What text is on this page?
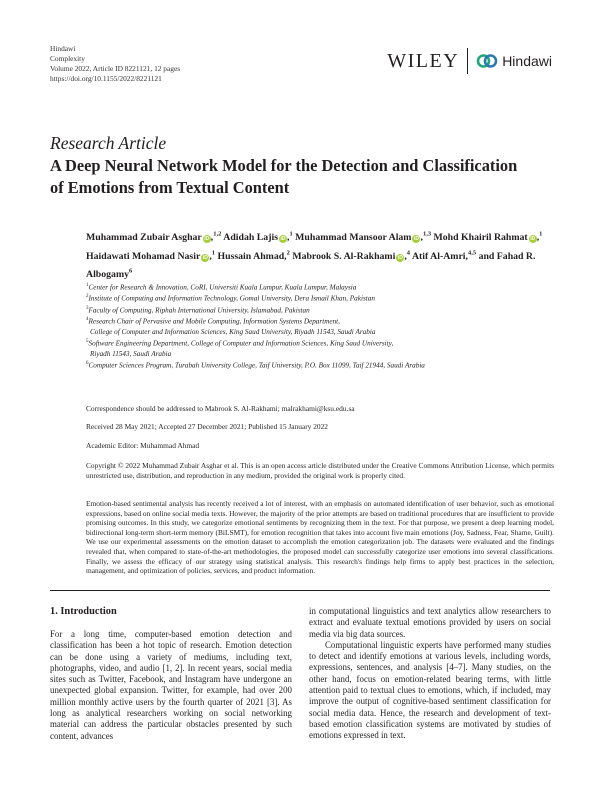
Hindawi
Complexity
Volume 2022, Article ID 8221121, 12 pages
https://doi.org/10.1155/2022/8221121
WILEY	Hindawi
Research Article
A Deep Neural Network Model for the Detection and Classification of Emotions from Textual Content
Muhammad Zubair Asghar iD ,$^{1,2}$ Adidah Lajis iD ,$^1$ Muhammad Mansoor Alam iD ,$^{1,3}$ Mohd Khairil Rahmat iD ,$^1$ Haidawati Mohamad Nasir iD ,$^1$ Hussain Ahmad,$^2$ Mabrook S. Al-Rakhami iD ,$^4$ Atif Al-Amri,$^{4,5}$ and Fahad R. Albogamy$^6$
$^1$Center for Research & Innovation, CoRI, Universiti Kuala Lumpur, Kuala Lumpur, Malaysia
$^2$Institute of Computing and Information Technology, Gomal University, Dera Ismail Khan, Pakistan
$^3$Faculty of Computing, Riphah International University, Islamabad, Pakistan
$^4$Research Chair of Pervasive and Mobile Computing, Information Systems Department,
College of Computer and Information Sciences, King Saud University, Riyadh 11543, Saudi Arabia
$^5$Software Engineering Department, College of Computer and Information Sciences, King Saud University,
Riyadh 11543, Saudi Arabia
$^6$Computer Sciences Program, Turabah University College, Taif University, P.O. Box 11099, Taif 21944, Saudi Arabia
Correspondence should be addressed to Mabrook S. Al-Rakhami; malrakhami@ksu.edu.sa
Received 28 May 2021; Accepted 27 December 2021; Published 15 January 2022
Academic Editor: Muhammad Ahmad
Copyright © 2022 Muhammad Zubair Asghar et al. This is an open access article distributed under the Creative Commons Attribution License, which permits unrestricted use, distribution, and reproduction in any medium, provided the original work is properly cited.
Emotion-based sentimental analysis has recently received a lot of interest, with an emphasis on automated identification of user behavior, such as emotional expressions, based on online social media texts. However, the majority of the prior attempts are based on traditional procedures that are insufficient to provide promising outcomes. In this study, we categorize emotional sentiments by recognizing them in the text. For that purpose, we present a deep learning model, bidirectional long-term short-term memory (BiLSMT), for emotion recognition that takes into account five main emotions (Joy, Sadness, Fear, Shame, Guilt). We use our experimental assessments on the emotion dataset to accomplish the emotion categorization job. The datasets were evaluated and the findings revealed that, when compared to state-of-the-art methodologies, the proposed model can successfully categorize user emotions into several classifications. Finally, we assess the efficacy of our strategy using statistical analysis. This research's findings help firms to apply best practices in the selection, management, and optimization of policies, services, and product information.
1. Introduction

For a long time, computer-based emotion detection and classification has been a hot topic of research. Emotion detection can be done using a variety of mediums, including text, photographs, video, and audio [1, 2]. In recent years, social media sites such as Twitter, Facebook, and Instagram have undergone an unexpected global expansion. Twitter, for example, had over 200 million monthly active users by the fourth quarter of 2021 [3]. As long as analytical researchers working on social networking material can address the particular obstacles presented by such content, advances

in computational linguistics and text analytics allow researchers to extract and evaluate textual emotions provided by users on social media via big data sources.

Computational linguistic experts have performed many studies to detect and identify emotions at various levels, including words, expressions, sentences, and analysis [4–7]. Many studies, on the other hand, focus on emotion-related bearing terms, with little attention paid to textual clues to emotions, which, if included, may improve the output of cognitive-based sentiment classification for social media data. Hence, the research and development of text-based emotion classification systems are motivated by studies of emotions expressed in text.
